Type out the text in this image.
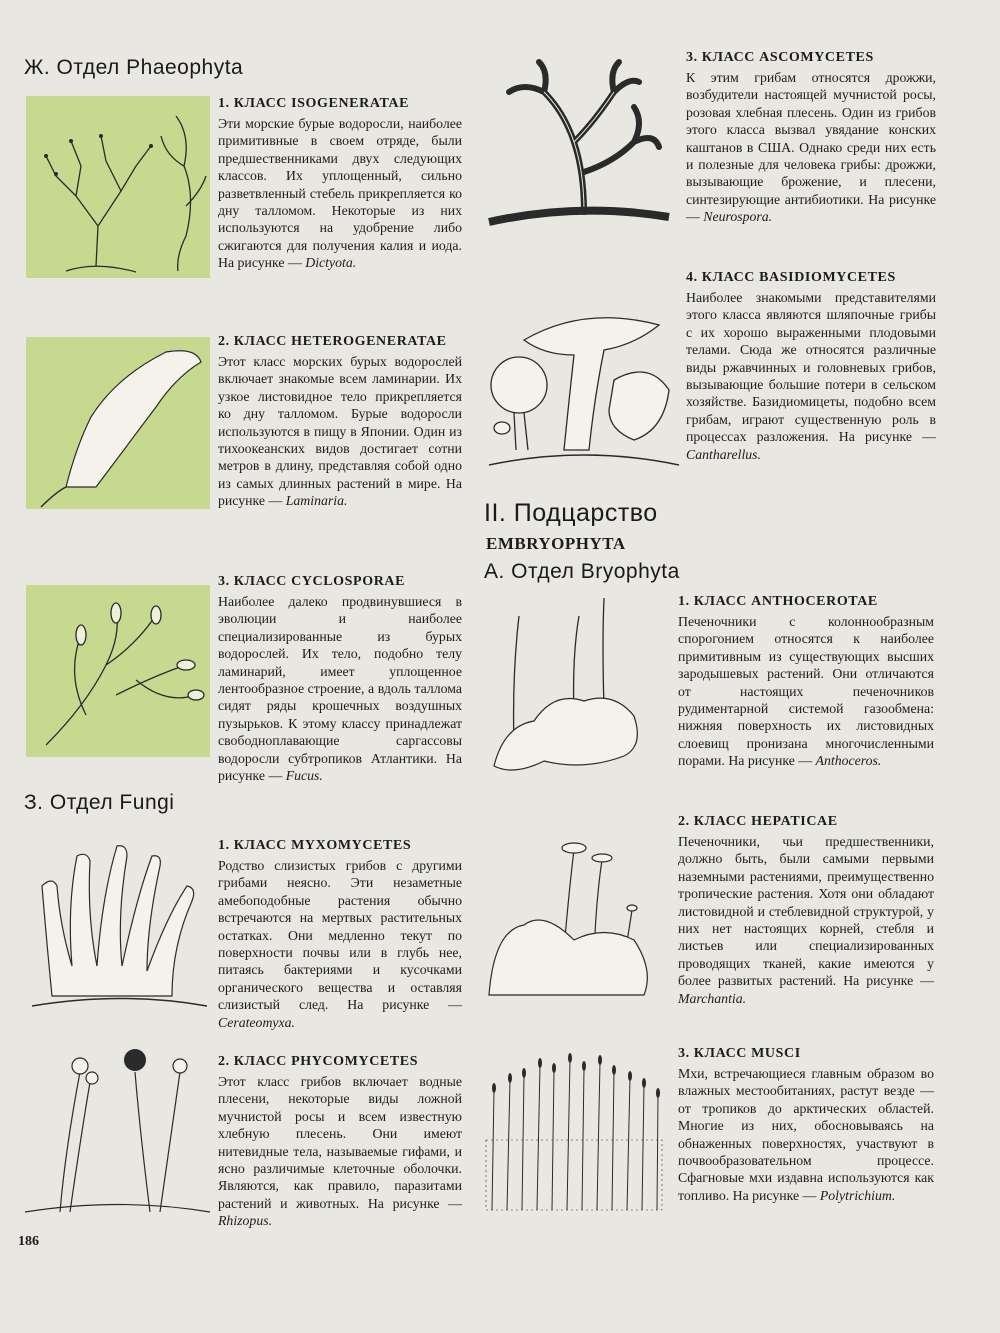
Ж. Отдел Phaeophyta
1. КЛАСС ISOGENERATAE

Эти морские бурые водоросли, наиболее примитивные в своем отряде, были предшественниками двух следующих классов. Их уплощенный, сильно разветвленный стебель прикрепляется ко дну талломом. Некоторые из них используются на удобрение либо сжигаются для получения калия и иода. На рисунке — Dictyota.

2. КЛАСС HETEROGENERATAE

Этот класс морских бурых водорослей включает знакомые всем ламинарии. Их узкое листовидное тело прикрепляется ко дну талломом. Бурые водоросли используются в пищу в Японии. Один из тихоокеанских видов достигает сотни метров в длину, представляя собой одно из самых длинных растений в мире. На рисунке — Laminaria.

3. КЛАСС CYCLOSPORAE

Наиболее далеко продвинувшиеся в эволюции и наиболее специализированные из бурых водорослей. Их тело, подобно телу ламинарий, имеет уплощенное лентообразное строение, а вдоль таллома сидят ряды крошечных воздушных пузырьков. К этому классу принадлежат свободноплавающие саргассовы водоросли субтропиков Атлантики. На рисунке — Fucus.

З. Отдел Fungi
1. КЛАСС MYXOMYCETES

Родство слизистых грибов с другими грибами неясно. Эти незаметные амебоподобные растения обычно встречаются на мертвых растительных остатках. Они медленно текут по поверхности почвы или в глубь нее, питаясь бактериями и кусочками органического вещества и оставляя слизистый след. На рисунке — Cerateomyxa.

2. КЛАСС PHYCOMYCETES

Этот класс грибов включает водные плесени, некоторые виды ложной мучнистой росы и всем известную хлебную плесень. Они имеют нитевидные тела, называемые гифами, и ясно различимые клеточные оболочки. Являются, как правило, паразитами растений и животных. На рисунке — Rhizopus.

3. КЛАСС ASCOMYCETES

К этим грибам относятся дрожжи, возбудители настоящей мучнистой росы, розовая хлебная плесень. Один из грибов этого класса вызвал увядание конских каштанов в США. Однако среди них есть и полезные для человека грибы: дрожжи, вызывающие брожение, и плесени, синтезирующие антибиотики. На рисунке — Neurospora.

4. КЛАСС BASIDIOMYCETES

Наиболее знакомыми представителями этого класса являются шляпочные грибы с их хорошо выраженными плодовыми телами. Сюда же относятся различные виды ржавчинных и головневых грибов, вызывающие большие потери в сельском хозяйстве. Базидиомицеты, подобно всем грибам, играют существенную роль в процессах разложения. На рисунке — Cantharellus.

II. Подцарство
EMBRYOPHYTA
А. Отдел Bryophyta
1. КЛАСС ANTHOCEROTAE

Печеночники с колоннообразным спорогонием относятся к наиболее примитивным из существующих высших зародышевых растений. Они отличаются от настоящих печеночников рудиментарной системой газообмена: нижняя поверхность их листовидных слоевищ пронизана многочисленными порами. На рисунке — Anthoceros.

2. КЛАСС HEPATICAE

Печеночники, чьи предшественники, должно быть, были самыми первыми наземными растениями, преимущественно тропические растения. Хотя они обладают листовидной и стеблевидной структурой, у них нет настоящих корней, стебля и листьев или специализированных проводящих тканей, какие имеются у более развитых растений. На рисунке — Marchantia.

3. КЛАСС MUSCI

Мхи, встречающиеся главным образом во влажных местообитаниях, растут везде — от тропиков до арктических областей. Многие из них, обосновываясь на обнаженных поверхностях, участвуют в почвообразовательном процессе. Сфагновые мхи издавна используются как топливо. На рисунке — Polytrichium.

186
